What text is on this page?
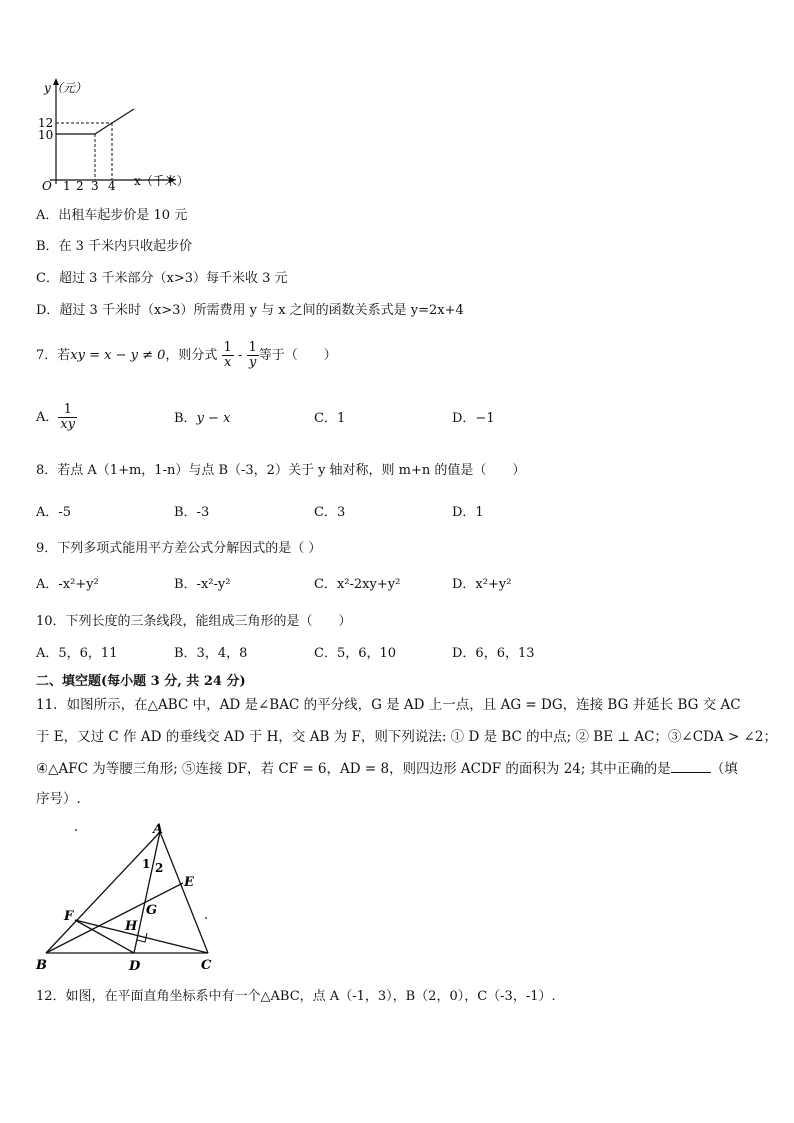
y（元）
12
10
O 1 2 3 4 x（千米）
A．出租车起步价是 10 元
B．在 3 千米内只收起步价
C．超过 3 千米部分（x>3）每千米收 3 元
D．超过 3 千米时（x>3）所需费用 y 与 x 之间的函数关系式是 y=2x+4
7．若xy = x − y ≠ 0，则分式 $\frac{1}{x} - \frac{1}{y}$ 等于（　　）
A． $\frac{1}{xy}$	B．y − x	C．1	D．−1
8．若点 A（1+m，1-n）与点 B（-3，2）关于 y 轴对称，则 m+n 的值是（　　）
A．-5	B．-3	C．3	D．1
9．下列多项式能用平方差公式分解因式的是（ ）
A．-x²+y²	B．-x²-y²	C．x²-2xy+y²	D．x²+y²
10．下列长度的三条线段，能组成三角形的是（　　）
A．5，6，11	B．3，4，8	C．5，6，10	D．6，6，13
二、填空题(每小题 3 分, 共 24 分)
11．如图所示，在△ABC 中，AD 是∠BAC 的平分线，G 是 AD 上一点，且 AG = DG，连接 BG 并延长 BG 交 AC
于 E，又过 C 作 AD 的垂线交 AD 于 H，交 AB 为 F，则下列说法: ① D 是 BC 的中点; ② BE ⊥ AC；③∠CDA > ∠2；
④△AFC 为等腰三角形; ⑤连接 DF，若 CF = 6，AD = 8，则四边形 ACDF 的面积为 24; 其中正确的是	（填
序号）.
A
B	C
D
E
F	G
H
1 2
12．如图，在平面直角坐标系中有一个△ABC，点 A（-1，3），B（2，0），C（-3，-1）.
